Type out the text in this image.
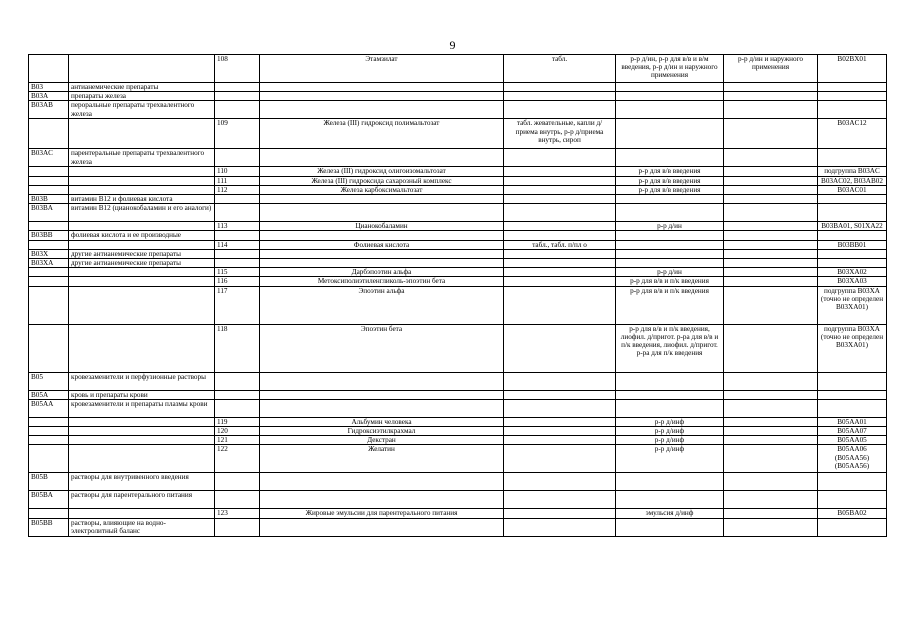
9
		108	Этамзилат	табл.	р-р д/ин, р-р для в/в и в/м введения, р-р д/ин и наружного применения	р-р д/ин и наружного применения	B02BX01
B03	антианемические препараты						
B03A	препараты железа						
B03AB	пероральные препараты трехвалентного железа						
		109	Железа (III) гидроксид полимальтозат	табл. жевательные, капли д/приема внутрь, р-р д/приема внутрь, сироп			B03AC12
B03AC	парентеральные препараты трехвалентного железа						
		110	Железа (III) гидроксид олигоизомальтозат		р-р для в/в введения		подгруппа B03AC
		111	Железа (III) гидроксида сахарозный комплекс		р-р для в/в введения		B03AC02, B03AB02
		112	Железа карбоксимальтозат		р-р для в/в введения		B03AC01
B03B	витамин B12 и фолиевая кислота						
B03BA	витамин B12 (цианокобаламин и его аналоги)						
		113	Цианокобаламин		р-р д/ин		B03BA01, S01XA22
B03BB	фолиевая кислота и ее производные						
		114	Фолиевая кислота	табл., табл. п/пл о			B03BB01
B03X	другие антианемические препараты						
B03XA	другие антианемические препараты						
		115	Дарбэпоэтин альфа		р-р д/ин		B03XA02
		116	Метоксиполиэтиленгликоль-эпоэтин бета		р-р для в/в и п/к введения		B03XA03
		117	Эпоэтин альфа		р-р для в/в и п/к введения		подгруппа B03XA (точно не определен B03XA01)
		118	Эпоэтин бета		р-р для в/в и п/к введения, лиофил. д/пригот. р-ра для в/в и п/к введения, лиофил. д/пригот. р-ра для п/к введения		подгруппа B03XA (точно не определен B03XA01)
B05	кровезаменители и перфузионные растворы						
B05A	кровь и препараты крови						
B05AA	кровезаменители и препараты плазмы крови						
		119	Альбумин человека		р-р д/инф		B05AA01
		120	Гидроксиэтилкрахмал		р-р д/инф		B05AA07
		121	Декстран		р-р д/инф		B05AA05
		122	Желатин		р-р д/инф		B05AA06 (B05AA56) (B05AA56)
B05B	растворы для внутривенного введения						
B05BA	растворы для парентерального питания						
		123	Жировые эмульсии для парентерального питания		эмульсия д/инф		B05BA02
B05BB	растворы, влияющие на водно-электролитный баланс						
